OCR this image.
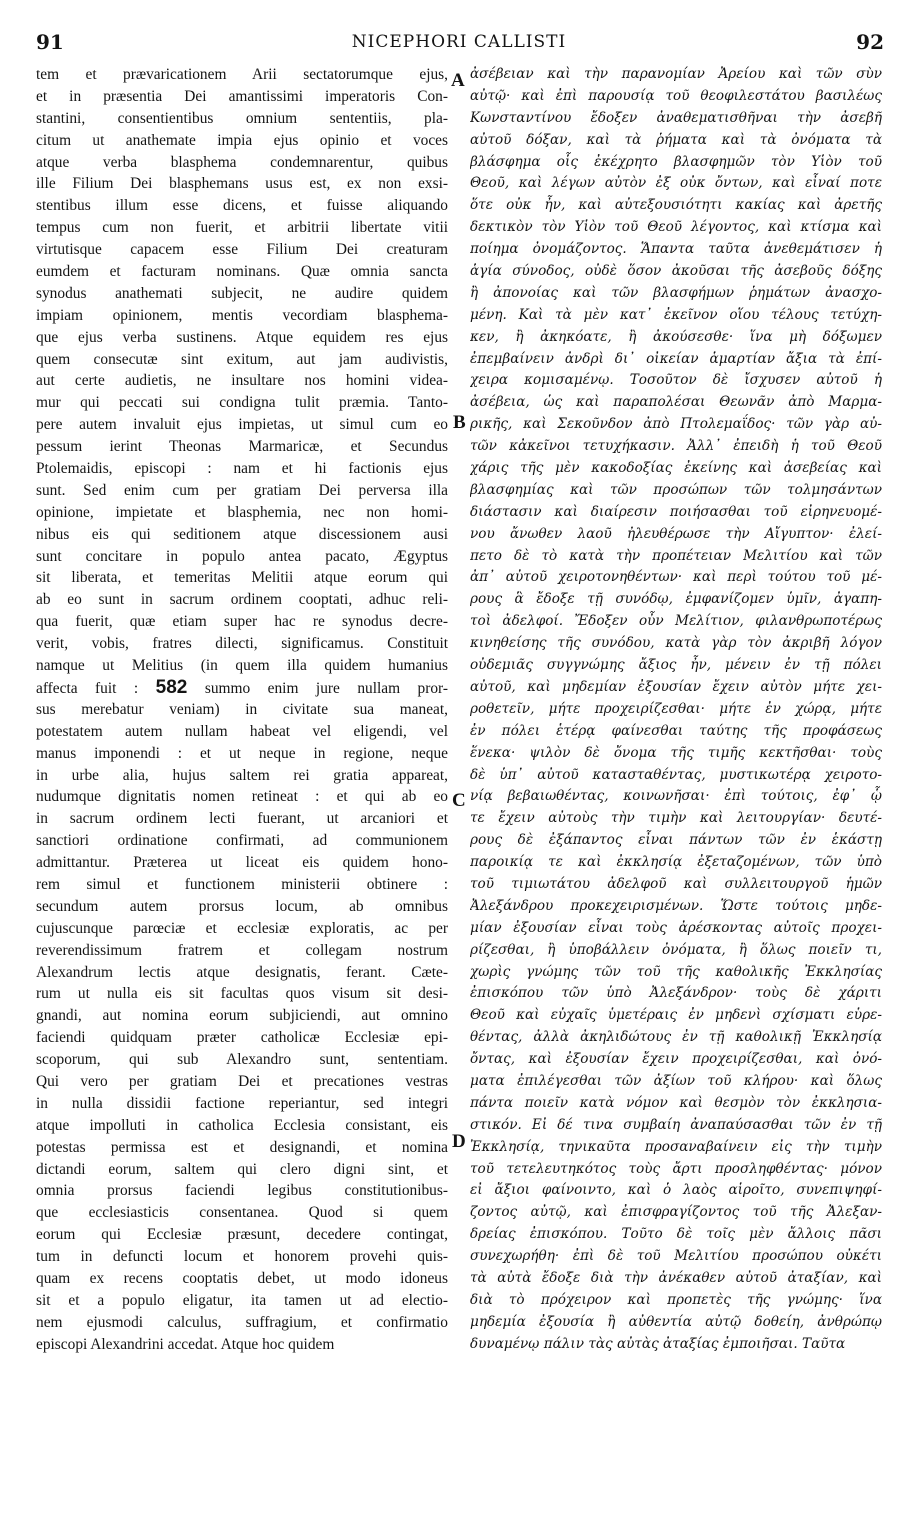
91	NICEPHORI CALLISTI	92
tem et prævaricationem Arii sectatorumque ejus,
et in præsentia Dei amantissimi imperatoris Con-
stantini, consentientibus omnium sententiis, pla-
citum ut anathemate impia ejus opinio et voces
atque verba blasphema condemnarentur, quibus
ille Filium Dei blasphemans usus est, ex non exsi-
stentibus illum esse dicens, et fuisse aliquando
tempus cum non fuerit, et arbitrii libertate vitii
virtutisque capacem esse Filium Dei creaturam
eumdem et facturam nominans. Quæ omnia sancta
synodus anathemati subjecit, ne audire quidem
impiam opinionem, mentis vecordiam blasphema-
que ejus verba sustinens. Atque equidem res ejus
quem consecutæ sint exitum, aut jam audivistis,
aut certe audietis, ne insultare nos homini videa-
mur qui peccati sui condigna tulit præmia. Tanto-
pere autem invaluit ejus impietas, ut simul cum eo
pessum ierint Theonas Marmaricæ, et Secundus
Ptolemaidis, episcopi : nam et hi factionis ejus
sunt. Sed enim cum per gratiam Dei perversa illa
opinione, impietate et blasphemia, nec non homi-
nibus eis qui seditionem atque discessionem ausi
sunt concitare in populo antea pacato, Ægyptus
sit liberata, et temeritas Melitii atque eorum qui
ab eo sunt in sacrum ordinem cooptati, adhuc reli-
qua fuerit, quæ etiam super hac re synodus decre-
verit, vobis, fratres dilecti, significamus. Constituit
namque ut Melitius (in quem illa quidem humanius
affecta fuit : 582 summo enim jure nullam pror-
sus merebatur veniam) in civitate sua maneat,
potestatem autem nullam habeat vel eligendi, vel
manus imponendi : et ut neque in regione, neque
in urbe alia, hujus saltem rei gratia appareat,
nudumque dignitatis nomen retineat : et qui ab eo
in sacrum ordinem lecti fuerant, ut arcaniori et
sanctiori ordinatione confirmati, ad communionem
admittantur. Præterea ut liceat eis quidem hono-
rem simul et functionem ministerii obtinere :
secundum autem prorsus locum, ab omnibus
cujuscunque parœciæ et ecclesiæ exploratis, ac per
reverendissimum fratrem et collegam nostrum
Alexandrum lectis atque designatis, ferant. Cæte-
rum ut nulla eis sit facultas quos visum sit desi-
gnandi, aut nomina eorum subjiciendi, aut omnino
faciendi quidquam præter catholicæ Ecclesiæ epi-
scoporum, qui sub Alexandro sunt, sententiam.
Qui vero per gratiam Dei et precationes vestras
in nulla dissidii factione reperiantur, sed integri
atque impolluti in catholica Ecclesia consistant, eis
potestas permissa est et designandi, et nomina
dictandi eorum, saltem qui clero digni sint, et
omnia prorsus faciendi legibus constitutionibus-
que ecclesiasticis consentanea. Quod si quem
eorum qui Ecclesiæ præsunt, decedere contingat,
tum in defuncti locum et honorem provehi quis-
quam ex recens cooptatis debet, ut modo idoneus
sit et a populo eligatur, ita tamen ut ad electio-
nem ejusmodi calculus, suffragium, et confirmatio
episcopi Alexandrini accedat. Atque hoc quidem
ἀσέβειαν καὶ τὴν παρανομίαν Ἀρείου καὶ τῶν σὺν
αὐτῷ· καὶ ἐπὶ παρουσίᾳ τοῦ θεοφιλεστάτου βασιλέως
Κωνσταντίνου ἔδοξεν ἀναθεματισθῆναι τὴν ἀσεβῆ
αὐτοῦ δόξαν, καὶ τὰ ῥήματα καὶ τὰ ὀνόματα τὰ
βλάσφημα οἷς ἐκέχρητο βλασφημῶν τὸν Υἱὸν τοῦ
Θεοῦ, καὶ λέγων αὐτὸν ἐξ οὐκ ὄντων, καὶ εἶναί ποτε
ὅτε οὐκ ἦν, καὶ αὐτεξουσιότητι κακίας καὶ ἀρετῆς
δεκτικὸν τὸν Υἱὸν τοῦ Θεοῦ λέγοντος, καὶ κτίσμα καὶ
ποίημα ὀνομάζοντος. Ἅπαντα ταῦτα ἀνεθεμάτισεν ἡ
ἁγία σύνοδος, οὐδὲ ὅσον ἀκοῦσαι τῆς ἀσεβοῦς δόξης
ἢ ἀπονοίας καὶ τῶν βλασφήμων ῥημάτων ἀνασχο-
μένη. Καὶ τὰ μὲν κατ᾿ ἐκεῖνον οἵου τέλους τετύχη-
κεν, ἢ ἀκηκόατε, ἢ ἀκούσεσθε· ἵνα μὴ δόξωμεν
ἐπεμβαίνειν ἀνδρὶ δι᾿ οἰκείαν ἁμαρτίαν ἄξια τὰ ἐπί-
χειρα κομισαμένῳ. Τοσοῦτον δὲ ἴσχυσεν αὐτοῦ ἡ
ἀσέβεια, ὡς καὶ παραπολέσαι Θεωνᾶν ἀπὸ Μαρμα-
ρικῆς, καὶ Σεκοῦνδον ἀπὸ Πτολεμαΐδος· τῶν γὰρ αὐ-
τῶν κἀκεῖνοι τετυχήκασιν. Ἀλλ᾿ ἐπειδὴ ἡ τοῦ Θεοῦ
χάρις τῆς μὲν κακοδοξίας ἐκείνης καὶ ἀσεβείας καὶ
βλασφημίας καὶ τῶν προσώπων τῶν τολμησάντων
διάστασιν καὶ διαίρεσιν ποιήσασθαι τοῦ εἰρηνευομέ-
νου ἄνωθεν λαοῦ ἠλευθέρωσε τὴν Αἴγυπτον· ἐλεί-
πετο δὲ τὸ κατὰ τὴν προπέτειαν Μελιτίου καὶ τῶν
ἀπ᾿ αὐτοῦ χειροτονηθέντων· καὶ περὶ τούτου τοῦ μέ-
ρους ἃ ἔδοξε τῇ συνόδῳ, ἐμφανίζομεν ὑμῖν, ἀγαπη-
τοὶ ἀδελφοί. Ἔδοξεν οὖν Μελίτιον, φιλανθρωποτέρως
κινηθείσης τῆς συνόδου, κατὰ γὰρ τὸν ἀκριβῆ λόγον
οὐδεμιᾶς συγγνώμης ἄξιος ἦν, μένειν ἐν τῇ πόλει
αὐτοῦ, καὶ μηδεμίαν ἐξουσίαν ἔχειν αὐτὸν μήτε χει-
ροθετεῖν, μήτε προχειρίζεσθαι· μήτε ἐν χώρᾳ, μήτε
ἐν πόλει ἑτέρᾳ φαίνεσθαι ταύτης τῆς προφάσεως
ἕνεκα· ψιλὸν δὲ ὄνομα τῆς τιμῆς κεκτῆσθαι· τοὺς
δὲ ὑπ᾿ αὐτοῦ κατασταθέντας, μυστικωτέρᾳ χειροτο-
νίᾳ βεβαιωθέντας, κοινωνῆσαι· ἐπὶ τούτοις, ἐφ᾿ ᾧ
τε ἔχειν αὐτοὺς τὴν τιμὴν καὶ λειτουργίαν· δευτέ-
ρους δὲ ἐξάπαντος εἶναι πάντων τῶν ἐν ἑκάστῃ
παροικίᾳ τε καὶ ἐκκλησίᾳ ἐξεταζομένων, τῶν ὑπὸ
τοῦ τιμιωτάτου ἀδελφοῦ καὶ συλλειτουργοῦ ἡμῶν
Ἀλεξάνδρου προκεχειρισμένων. Ὥστε τούτοις μηδε-
μίαν ἐξουσίαν εἶναι τοὺς ἀρέσκοντας αὐτοῖς προχει-
ρίζεσθαι, ἢ ὑποβάλλειν ὀνόματα, ἢ ὅλως ποιεῖν τι,
χωρὶς γνώμης τῶν τοῦ τῆς καθολικῆς Ἐκκλησίας
ἐπισκόπου τῶν ὑπὸ Ἀλεξάνδρον· τοὺς δὲ χάριτι
Θεοῦ καὶ εὐχαῖς ὑμετέραις ἐν μηδενὶ σχίσματι εὑρε-
θέντας, ἀλλὰ ἀκηλιδώτους ἐν τῇ καθολικῇ Ἐκκλησίᾳ
ὄντας, καὶ ἐξουσίαν ἔχειν προχειρίζεσθαι, καὶ ὀνό-
ματα ἐπιλέγεσθαι τῶν ἀξίων τοῦ κλήρου· καὶ ὅλως
πάντα ποιεῖν κατὰ νόμον καὶ θεσμὸν τὸν ἐκκλησια-
στικόν. Εἰ δέ τινα συμβαίη ἀναπαύσασθαι τῶν ἐν τῇ
Ἐκκλησίᾳ, τηνικαῦτα προσαναβαίνειν εἰς τὴν τιμὴν
τοῦ τετελευτηκότος τοὺς ἄρτι προσληφθέντας· μόνον
εἰ ἄξιοι φαίνοιντο, καὶ ὁ λαὸς αἱροῖτο, συνεπιψηφί-
ζοντος αὐτῷ, καὶ ἐπισφραγίζοντος τοῦ τῆς Ἀλεξαν-
δρείας ἐπισκόπου. Τοῦτο δὲ τοῖς μὲν ἄλλοις πᾶσι
συνεχωρήθη· ἐπὶ δὲ τοῦ Μελιτίου προσώπου οὐκέτι
τὰ αὐτὰ ἔδοξε διὰ τὴν ἀνέκαθεν αὐτοῦ ἀταξίαν, καὶ
διὰ τὸ πρόχειρον καὶ προπετὲς τῆς γνώμης· ἵνα
μηδεμία ἐξουσία ἢ αὐθεντία αὐτῷ δοθείη, ἀνθρώπῳ
δυναμένῳ πάλιν τὰς αὐτὰς ἀταξίας ἐμποιῆσαι. Ταῦτα
A
B
C
D
